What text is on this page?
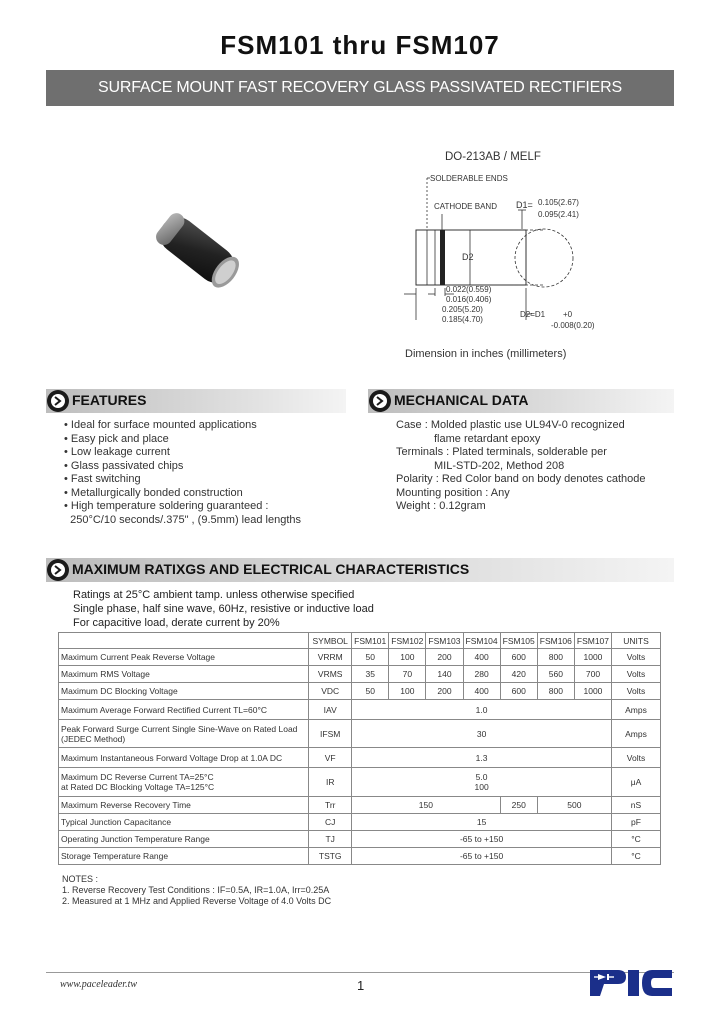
FSM101 thru FSM107
SURFACE MOUNT FAST RECOVERY GLASS PASSIVATED RECTIFIERS
DO-213AB / MELF
SOLDERABLE ENDS
CATHODE BAND D1= 0.105(2.67)
0.095(2.41)
D2
0.022(0.559)
0.016(0.406)
0.205(5.20)
0.185(4.70)
D2=D1 +0
-0.008(0.20)
Dimension in inches (millimeters)
FEATURES
• Ideal for surface mounted applications
• Easy pick and place
• Low leakage current
• Glass passivated chips
• Fast switching
• Metallurgically bonded construction
• High temperature soldering guaranteed :
250°C/10 seconds/.375" , (9.5mm) lead lengths
MECHANICAL DATA
Case : Molded plastic use UL94V-0 recognized
flame retardant epoxy
Terminals : Plated terminals, solderable per
MIL-STD-202, Method 208
Polarity : Red Color band on body denotes cathode
Mounting position : Any
Weight : 0.12gram
MAXIMUM RATIXGS AND ELECTRICAL CHARACTERISTICS
Ratings at 25°C ambient tamp. unless otherwise specified
Single phase, half sine wave, 60Hz, resistive or inductive load
For capacitive load, derate current by 20%
	SYMBOL	FSM101	FSM102	FSM103	FSM104	FSM105	FSM106	FSM107	UNITS
Maximum Current Peak Reverse Voltage	VRRM	50	100	200	400	600	800	1000	Volts
Maximum RMS Voltage	VRMS	35	70	140	280	420	560	700	Volts
Maximum DC Blocking Voltage	VDC	50	100	200	400	600	800	1000	Volts
Maximum Average Forward Rectified Current TL=60°C	IAV	1.0							Amps
Peak Forward Surge Current Single Sine-Wave on Rated Load (JEDEC Method)	IFSM	30							Amps
Maximum Instantaneous Forward Voltage Drop at 1.0A DC	VF	1.3							Volts
Maximum DC Reverse Current TA=25°C
at Rated DC Blocking Voltage TA=125°C	IR	5.0
100							μA
Maximum Reverse Recovery Time	Trr	150				250	500		nS
Typical Junction Capacitance	CJ	15							pF
Operating Junction Temperature Range	TJ	-65 to +150							°C
Storage Temperature Range	TSTG	-65 to +150							°C
NOTES :
1. Reverse Recovery Test Conditions : IF=0.5A, IR=1.0A, Irr=0.25A
2. Measured at 1 MHz and Applied Reverse Voltage of 4.0 Volts DC
www.paceleader.tw	1
